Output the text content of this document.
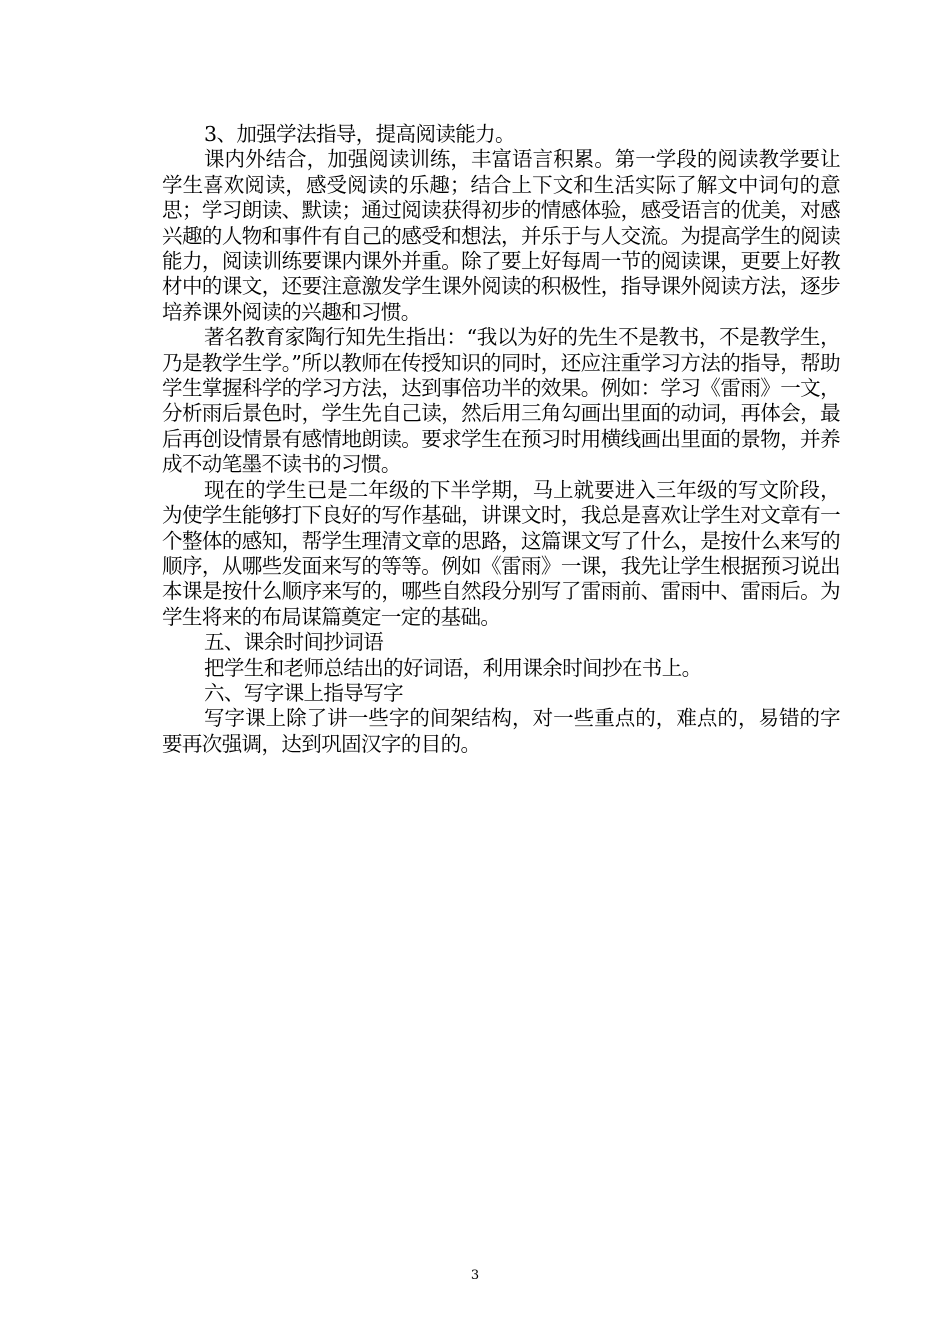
3、加强学法指导，提高阅读能力。

课内外结合，加强阅读训练，丰富语言积累。第一学段的阅读教学要让学生喜欢阅读，感受阅读的乐趣；结合上下文和生活实际了解文中词句的意思；学习朗读、默读；通过阅读获得初步的情感体验，感受语言的优美，对感兴趣的人物和事件有自己的感受和想法，并乐于与人交流。为提高学生的阅读能力，阅读训练要课内课外并重。除了要上好每周一节的阅读课，更要上好教材中的课文，还要注意激发学生课外阅读的积极性，指导课外阅读方法，逐步培养课外阅读的兴趣和习惯。

著名教育家陶行知先生指出：“我以为好的先生不是教书，不是教学生，乃是教学生学。”所以教师在传授知识的同时，还应注重学习方法的指导，帮助学生掌握科学的学习方法，达到事倍功半的效果。例如：学习《雷雨》一文，分析雨后景色时，学生先自己读，然后用三角勾画出里面的动词，再体会，最后再创设情景有感情地朗读。要求学生在预习时用横线画出里面的景物，并养成不动笔墨不读书的习惯。

现在的学生已是二年级的下半学期，马上就要进入三年级的写文阶段，为使学生能够打下良好的写作基础，讲课文时，我总是喜欢让学生对文章有一个整体的感知，帮学生理清文章的思路，这篇课文写了什么，是按什么来写的顺序，从哪些发面来写的等等。例如《雷雨》一课，我先让学生根据预习说出本课是按什么顺序来写的，哪些自然段分别写了雷雨前、雷雨中、雷雨后。为学生将来的布局谋篇奠定一定的基础。

五、课余时间抄词语

把学生和老师总结出的好词语，利用课余时间抄在书上。

六、写字课上指导写字

写字课上除了讲一些字的间架结构，对一些重点的，难点的，易错的字要再次强调，达到巩固汉字的目的。

3
